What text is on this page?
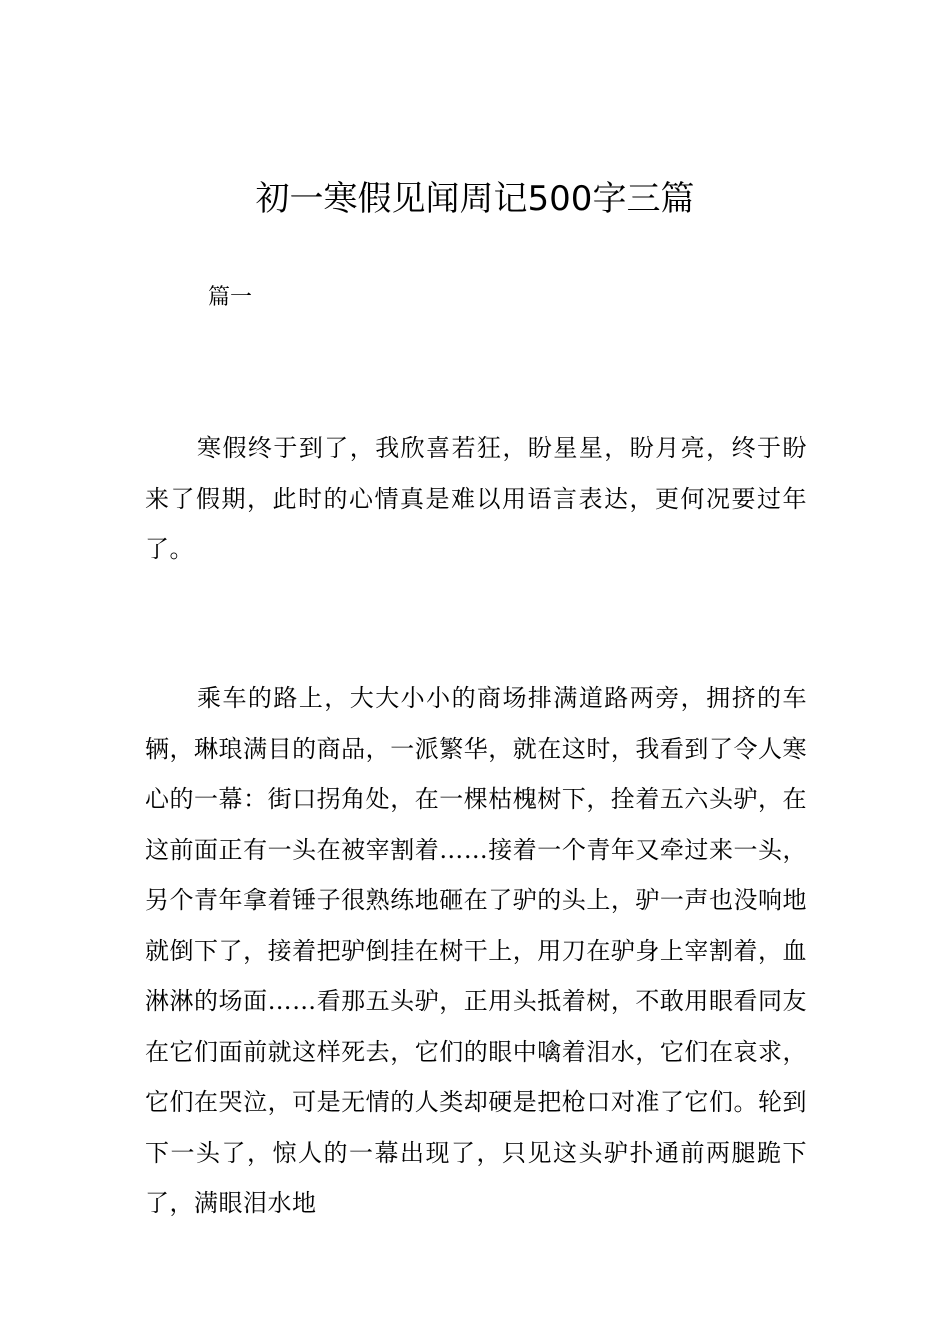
初一寒假见闻周记500字三篇
篇一

寒假终于到了，我欣喜若狂，盼星星，盼月亮，终于盼来了假期，此时的心情真是难以用语言表达，更何况要过年了。

乘车的路上，大大小小的商场排满道路两旁，拥挤的车辆，琳琅满目的商品，一派繁华，就在这时，我看到了令人寒心的一幕：街口拐角处，在一棵枯槐树下，拴着五六头驴，在这前面正有一头在被宰割着……接着一个青年又牵过来一头，另个青年拿着锤子很熟练地砸在了驴的头上，驴一声也没响地就倒下了，接着把驴倒挂在树干上，用刀在驴身上宰割着，血淋淋的场面……看那五头驴，正用头抵着树，不敢用眼看同友在它们面前就这样死去，它们的眼中噙着泪水，它们在哀求，它们在哭泣，可是无情的人类却硬是把枪口对准了它们。轮到下一头了，惊人的一幕出现了，只见这头驴扑通前两腿跪下了，满眼泪水地
